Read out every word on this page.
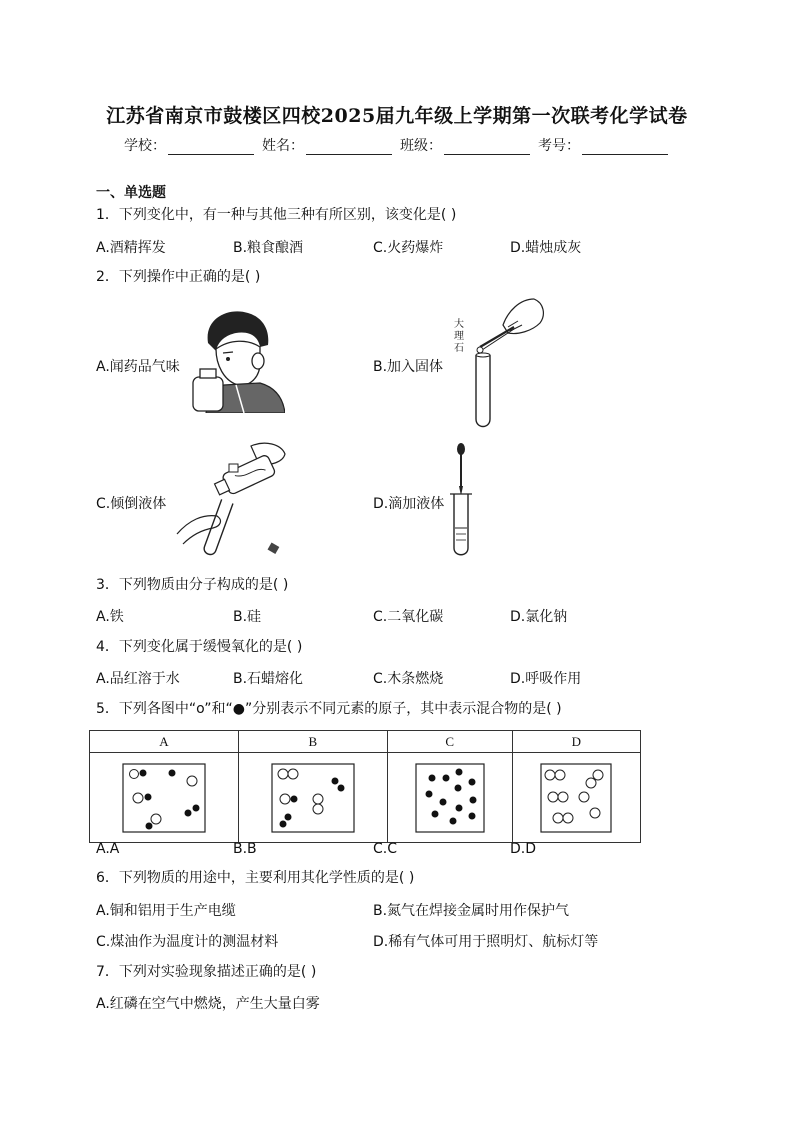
江苏省南京市鼓楼区四校2025届九年级上学期第一次联考化学试卷
学校：	姓名：	班级：	考号：
一、单选题
1．下列变化中，有一种与其他三种有所区别，该变化是( )
A.酒精挥发	B.粮食酿酒	C.火药爆炸	D.蜡烛成灰
2．下列操作中正确的是( )
A.闻药品气味	B.加入固体
大理石
C.倾倒液体	D.滴加液体
3．下列物质由分子构成的是( )
A.铁	B.硅	C.二氧化碳	D.氯化钠
4．下列变化属于缓慢氧化的是( )
A.品红溶于水	B.石蜡熔化	C.木条燃烧	D.呼吸作用
5．下列各图中“o”和“●”分别表示不同元素的原子，其中表示混合物的是( )
A	B	C	D

A.A	B.B	C.C	D.D
6．下列物质的用途中，主要利用其化学性质的是( )
A.铜和铝用于生产电缆	B.氮气在焊接金属时用作保护气
C.煤油作为温度计的测温材料	D.稀有气体可用于照明灯、航标灯等
7．下列对实验现象描述正确的是( )
A.红磷在空气中燃烧，产生大量白雾
